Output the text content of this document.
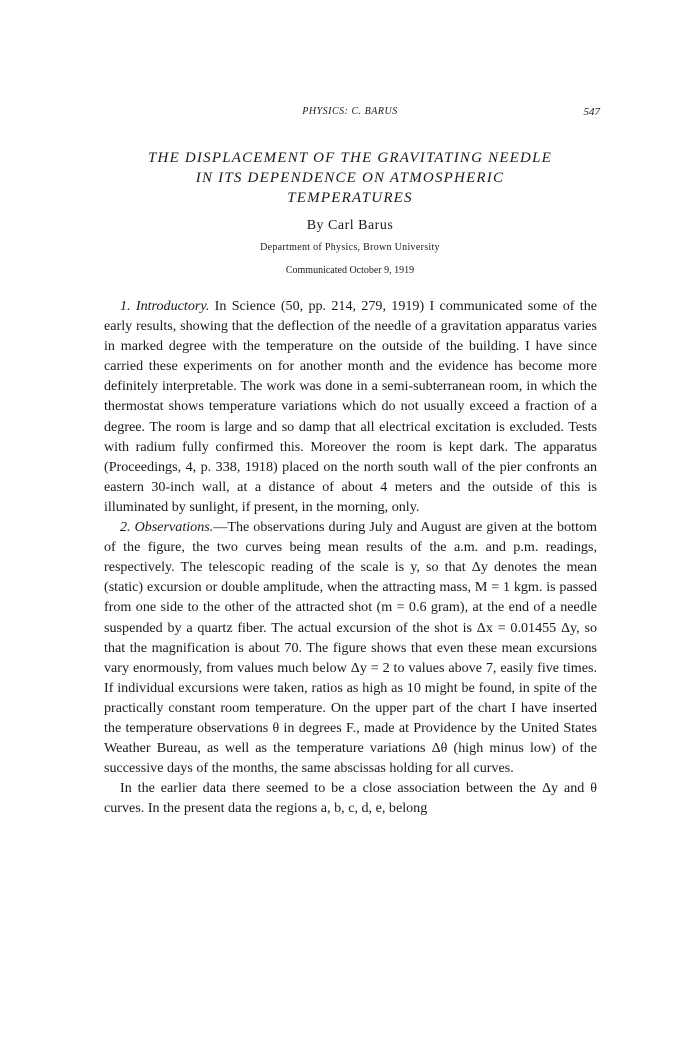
PHYSICS: C. BARUS	547
THE DISPLACEMENT OF THE GRAVITATING NEEDLE
IN ITS DEPENDENCE ON ATMOSPHERIC
TEMPERATURES
By Carl Barus
Department of Physics, Brown University
Communicated October 9, 1919

1. Introductory. In Science (50, pp. 214, 279, 1919) I communicated some of the early results, showing that the deflection of the needle of a gravitation apparatus varies in marked degree with the temperature on the outside of the building. I have since carried these experiments on for another month and the evidence has become more definitely interpretable. The work was done in a semi-subterranean room, in which the thermostat shows temperature variations which do not usually exceed a fraction of a degree. The room is large and so damp that all electrical excitation is excluded. Tests with radium fully confirmed this. Moreover the room is kept dark. The apparatus (Proceedings, 4, p. 338, 1918) placed on the north south wall of the pier confronts an eastern 30-inch wall, at a distance of about 4 meters and the outside of this is illuminated by sunlight, if present, in the morning, only.

2. Observations.—The observations during July and August are given at the bottom of the figure, the two curves being mean results of the a.m. and p.m. readings, respectively. The telescopic reading of the scale is y, so that Δy denotes the mean (static) excursion or double amplitude, when the attracting mass, M = 1 kgm. is passed from one side to the other of the attracted shot (m = 0.6 gram), at the end of a needle suspended by a quartz fiber. The actual excursion of the shot is Δx = 0.01455 Δy, so that the magnification is about 70. The figure shows that even these mean excursions vary enormously, from values much below Δy = 2 to values above 7, easily five times. If individual excursions were taken, ratios as high as 10 might be found, in spite of the practically constant room temperature. On the upper part of the chart I have inserted the temperature observations θ in degrees F., made at Providence by the United States Weather Bureau, as well as the temperature variations Δθ (high minus low) of the successive days of the months, the same abscissas holding for all curves.

In the earlier data there seemed to be a close association between the Δy and θ curves. In the present data the regions a, b, c, d, e, belong
